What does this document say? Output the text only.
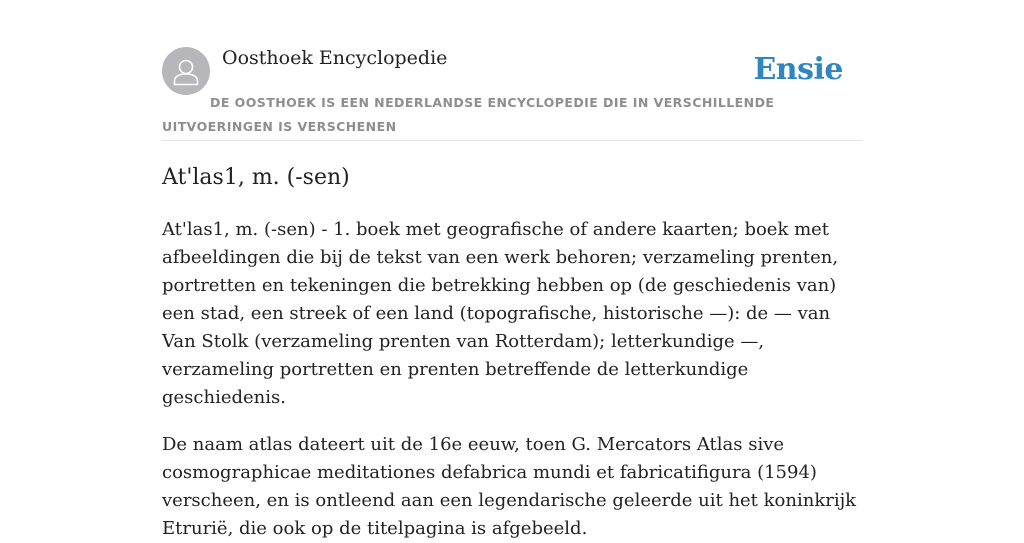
Oosthoek Encyclopedie	Ensie
DE OOSTHOEK IS EEN NEDERLANDSE ENCYCLOPEDIE DIE IN VERSCHILLENDE UITVOERINGEN IS VERSCHENEN
At'las1, m. (-sen)

At'las1, m. (-sen) - 1. boek met geografische of andere kaarten; boek met afbeeldingen die bij de tekst van een werk behoren; verzameling prenten, portretten en tekeningen die betrekking hebben op (de geschiedenis van) een stad, een streek of een land (topografische, historische —): de — van Van Stolk (verzameling prenten van Rotterdam); letterkundige —, verzameling portretten en prenten betreffende de letterkundige geschiedenis.

De naam atlas dateert uit de 16e eeuw, toen G. Mercators Atlas sive cosmographicae meditationes defabrica mundi et fabricatifigura (1594) verscheen, en is ontleend aan een legendarische geleerde uit het koninkrijk Etrurië, die ook op de titelpagina is afgebeeld.
